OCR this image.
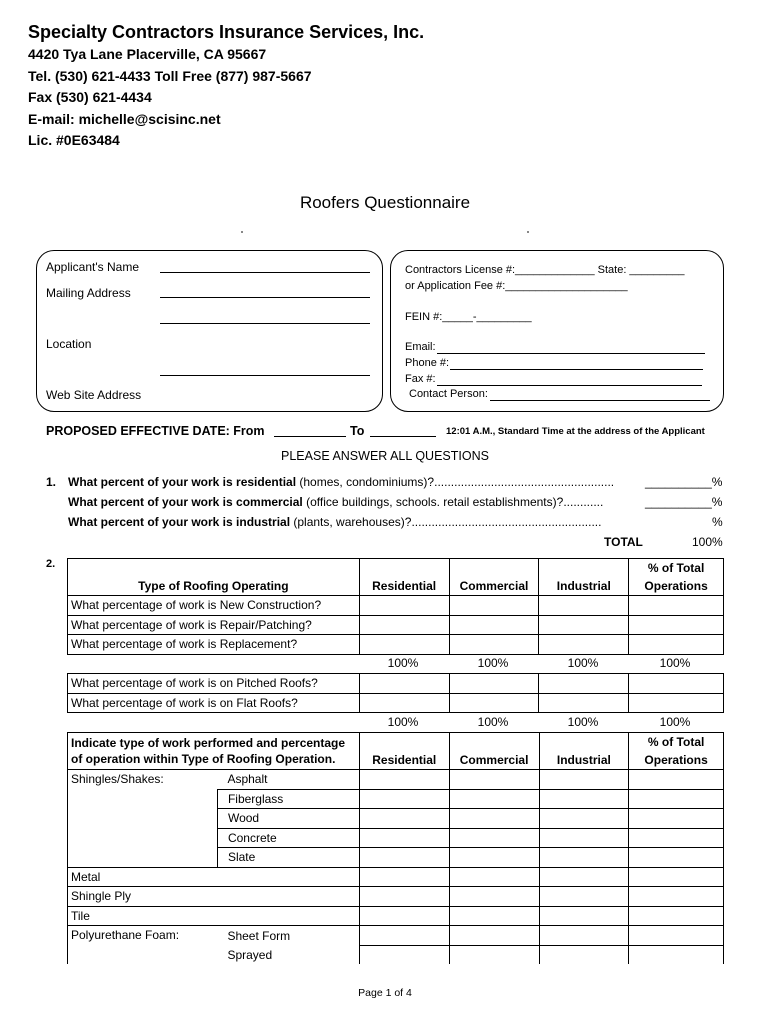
Specialty Contractors Insurance Services, Inc.
4420 Tya Lane Placerville, CA 95667
Tel. (530) 621-4433 Toll Free (877) 987-5667
Fax (530) 621-4434
E-mail: michelle@scisinc.net
Lic. #0E63484
Roofers Questionnaire
Applicant's Name
Mailing Address
Location
Web Site Address
Contractors License #:_____________ State: _________
or Application Fee #:____________________
FEIN #:_____-_________
Email:
Phone #:
Fax #:
Contact Person:
PROPOSED EFFECTIVE DATE: From	To	12:01 A.M., Standard Time at the address of the Applicant
PLEASE ANSWER ALL QUESTIONS
1. What percent of your work is residential (homes, condominiums)?......................................................	__________%
What percent of your work is commercial (office buildings, schools. retail establishments)?............	__________%
What percent of your work is industrial (plants, warehouses)?.........................................................	%
TOTAL	100%
2.
Type of Roofing Operating	Residential	Commercial	Industrial	% of Total Operations
What percentage of work is New Construction?				
What percentage of work is Repair/Patching?				
What percentage of work is Replacement?				
100%	100%	100%	100%
What percentage of work is on Pitched Roofs?				
What percentage of work is on Flat Roofs?				
100%	100%	100%	100%
Indicate type of work performed and percentage
of operation within Type of Roofing Operation.		Residential	Commercial	Industrial	% of Total Operations
Shingles/Shakes:	Asphalt				
	Fiberglass				
	Wood				
	Concrete				
	Slate				
Metal					
Shingle Ply					
Tile					
Polyurethane Foam:	Sheet Form				
	Sprayed				
Page 1 of 4
